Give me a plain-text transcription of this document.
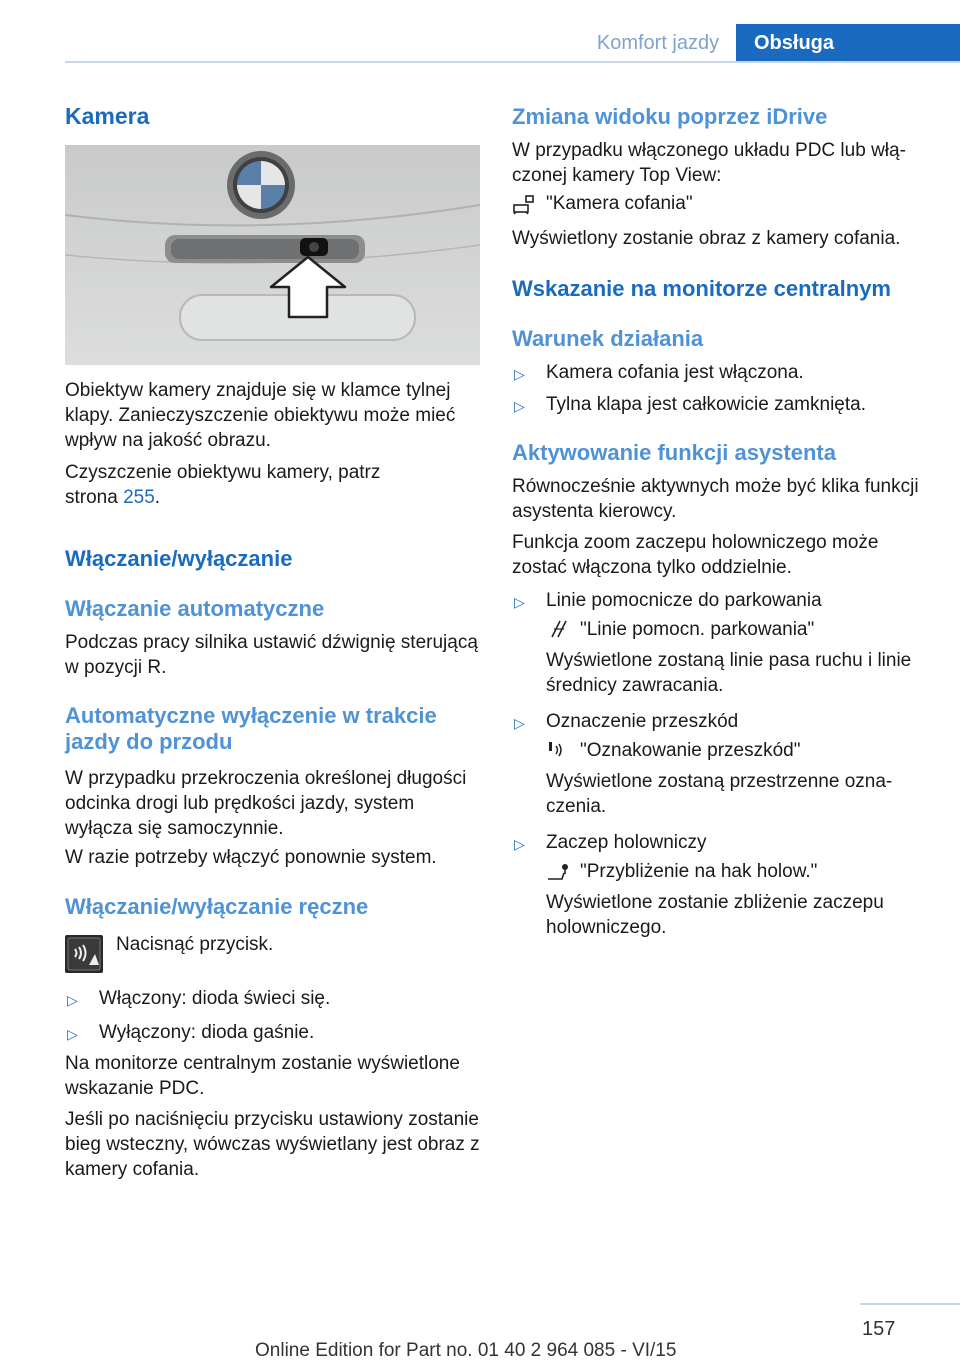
Komfort jazdy	Obsługa
Kamera

Obiektyw kamery znajduje się w klamce tylnej klapy. Zanieczyszczenie obiektywu może mieć wpływ na jakość obrazu.

Czyszczenie obiektywu kamery, patrz strona 255.

Włączanie/wyłączanie
Włączanie automatyczne

Podczas pracy silnika ustawić dźwignię sterującą w pozycji R.

Automatyczne wyłączenie w trakcie jazdy do przodu

W przypadku przekroczenia określonej długości odcinka drogi lub prędkości jazdy, system wyłącza się samoczynnie.

W razie potrzeby włączyć ponownie system.

Włączanie/wyłączanie ręczne

Nacisnąć przycisk.

▷ Włączony: dioda świeci się.
▷ Wyłączony: dioda gaśnie.

Na monitorze centralnym zostanie wyświetlone wskazanie PDC.

Jeśli po naciśnięciu przycisku ustawiony zostanie bieg wsteczny, wówczas wyświetlany jest obraz z kamery cofania.

Zmiana widoku poprzez iDrive

W przypadku włączonego układu PDC lub włączonej kamery Top View:

"Kamera cofania"

Wyświetlony zostanie obraz z kamery cofania.

Wskazanie na monitorze centralnym
Warunek działania
▷ Kamera cofania jest włączona.
▷ Tylna klapa jest całkowicie zamknięta.
Aktywowanie funkcji asystenta

Równocześnie aktywnych może być klika funkcji asystenta kierowcy.

Funkcja zoom zaczepu holowniczego może zostać włączona tylko oddzielnie.

▷ Linie pomocnicze do parkowania
"Linie pomocn. parkowania"

Wyświetlone zostaną linie pasa ruchu i linie średnicy zawracania.

▷ Oznaczenie przeszkód
"Oznakowanie przeszkód"

Wyświetlone zostaną przestrzenne oznaczenia.

▷ Zaczep holowniczy
"Przybliżenie na hak holow."

Wyświetlone zostanie zbliżenie zaczepu holowniczego.

157
Online Edition for Part no. 01 40 2 964 085 - VI/15
